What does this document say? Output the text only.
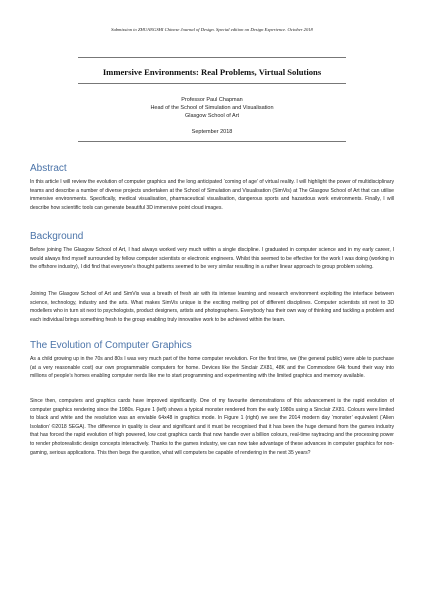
Submission to ZHUANGSHI Chinese Journal of Design. Special edition on Design Experience. October 2018
Immersive Environments: Real Problems, Virtual Solutions
Professor Paul Chapman
Head of the School of Simulation and Visualisation
Glasgow School of Art
September 2018
Abstract

In this article I will review the evolution of computer graphics and the long anticipated ‘coming of age’ of virtual reality. I will highlight the power of multidisciplinary teams and describe a number of diverse projects undertaken at the School of Simulation and Visualisation (SimVis) at The Glasgow School of Art that can utilise immersive environments. Specifically, medical visualisation, pharmaceutical visualisation, dangerous sports and hazardous work environments. Finally, I will describe how scientific tools can generate beautiful 3D immersive point cloud images.

Background

Before joining The Glasgow School of Art, I had always worked very much within a single discipline. I graduated in computer science and in my early career, I would always find myself surrounded by fellow computer scientists or electronic engineers. Whilst this seemed to be effective for the work I was doing (working in the offshore industry), I did find that everyone’s thought patterns seemed to be very similar resulting in a rather linear approach to group problem solving.

Joining The Glasgow School of Art and SimVis was a breath of fresh air with its intense learning and research environment exploiting the interface between science, technology, industry and the arts. What makes SimVis unique is the exciting melting pot of different disciplines. Computer scientists sit next to 3D modellers who in turn sit next to psychologists, product designers, artists and photographers. Everybody has their own way of thinking and tackling a problem and each individual brings something fresh to the group enabling truly innovative work to be achieved within the team.

The Evolution of Computer Graphics

As a child growing up in the 70s and 80s I was very much part of the home computer revolution. For the first time, we (the general public) were able to purchase (at a very reasonable cost) our own programmable computers for home. Devices like the Sinclair ZX81, 48K and the Commodore 64k found their way into millions of people’s homes enabling computer nerds like me to start programming and experimenting with the limited graphics and memory available.

Since then, computers and graphics cards have improved significantly. One of my favourite demonstrations of this advancement is the rapid evolution of computer graphics rendering since the 1980s. Figure 1 (left) shows a typical monster rendered from the early 1980s using a Sinclair ZX81. Colours were limited to black and white and the resolution was an enviable 64x48 in graphics mode. In Figure 1 (right) we see the 2014 modern day ‘monster’ equivalent (‘Alien Isolation’ ©2018 SEGA). The difference in quality is clear and significant and it must be recognised that it has been the huge demand from the games industry that has forced the rapid evolution of high powered, low cost graphics cards that now handle over a billion colours, real-time raytracing and the processing power to render photorealistic design concepts interactively. Thanks to the games industry, we can now take advantage of these advances in computer graphics for non-gaming, serious applications. This then begs the question, what will computers be capable of rendering in the next 35 years?
